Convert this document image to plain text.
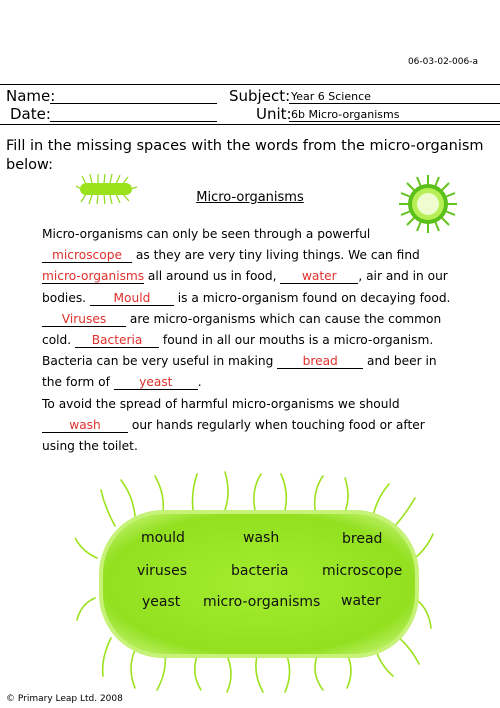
06-03-02-006-a
Name:	Subject: Year 6 Science
Date:	Unit: 6b Micro-organisms
Fill in the missing spaces with the words from the micro-organism below:
Micro-organisms
Micro-organisms can only be seen through a powerful
microscope as they are very tiny living things. We can find
micro-organisms all around us in food, water , air and in our
bodies. Mould is a micro-organism found on decaying food.
Viruses are micro-organisms which can cause the common
cold. Bacteria found in all our mouths is a micro-organism.
Bacteria can be very useful in making bread and beer in
the form of yeast .
To avoid the spread of harmful micro-organisms we should
wash our hands regularly when touching food or after
using the toilet.
mould	wash	bread
viruses	bacteria microscope
yeast micro-organisms water
© Primary Leap Ltd. 2008
